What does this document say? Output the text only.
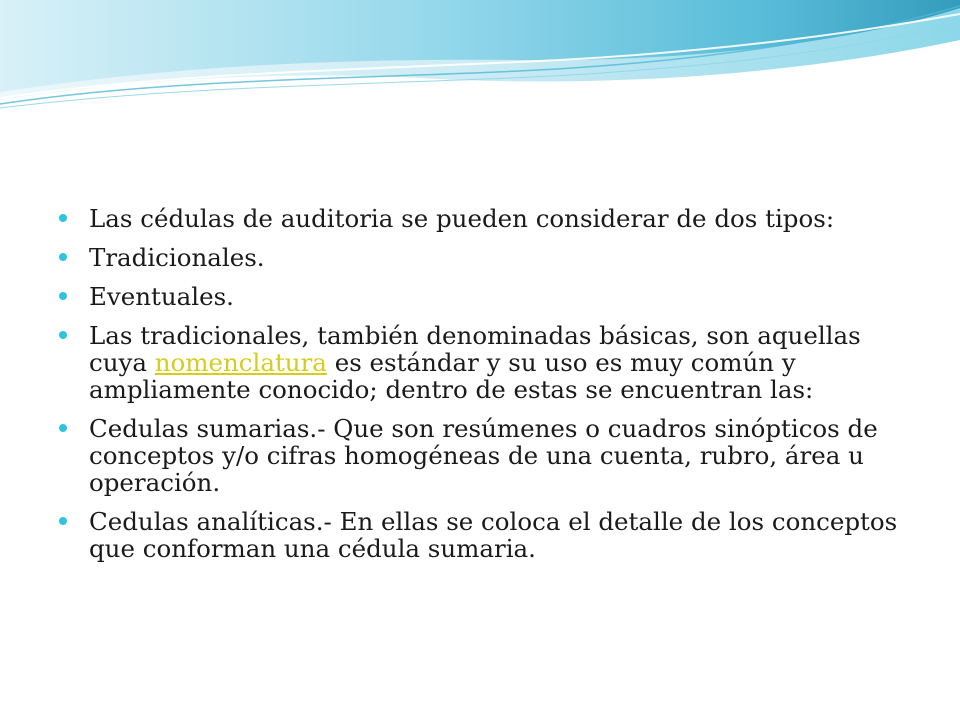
Las cédulas de auditoria se pueden considerar de dos tipos:
Tradicionales.
Eventuales.
Las tradicionales, también denominadas básicas, son aquellas cuya nomenclatura es estándar y su uso es muy común y ampliamente conocido; dentro de estas se encuentran las:
Cedulas sumarias.- Que son resúmenes o cuadros sinópticos de conceptos y/o cifras homogéneas de una cuenta, rubro, área u operación.
Cedulas analíticas.- En ellas se coloca el detalle de los conceptos que conforman una cédula sumaria.
